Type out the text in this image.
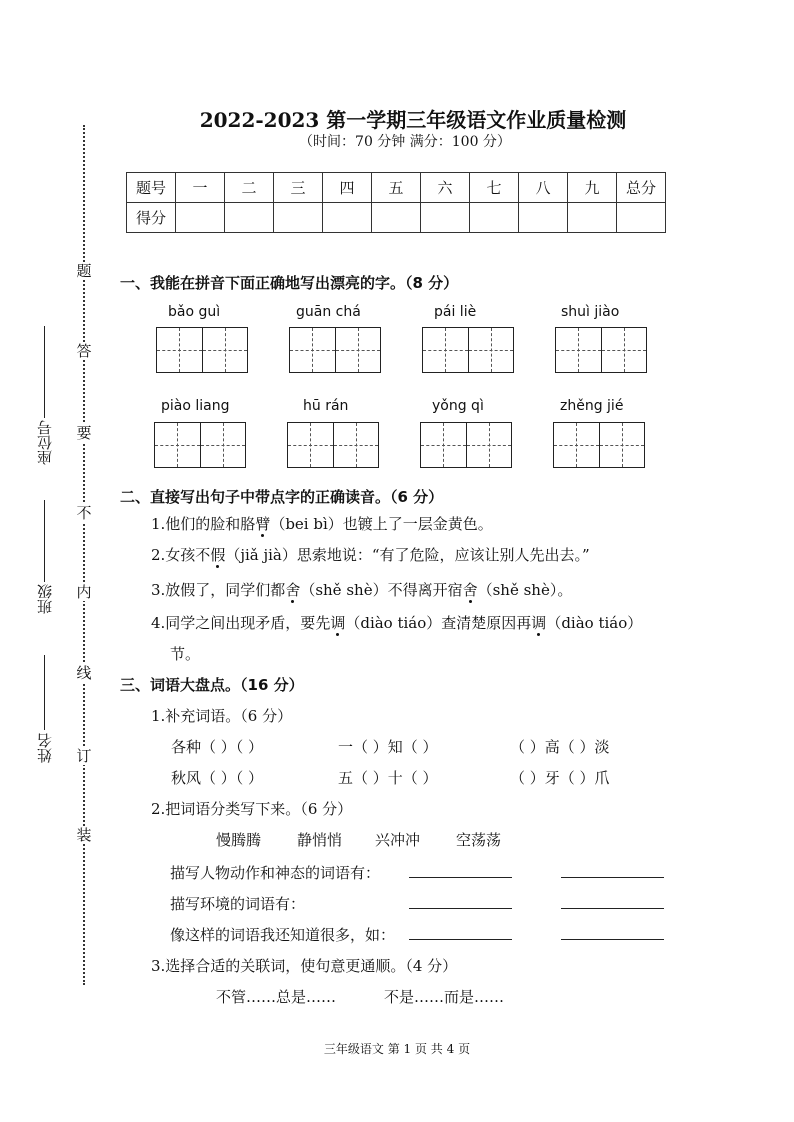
题
答
要
不
内
线
订
装
座位号
班级
姓名
2022-2023 第一学期三年级语文作业质量检测
（时间：70 分钟 满分：100 分）
题号	一	二	三	四	五	六	七	八	九	总分
得分										
一、我能在拼音下面正确地写出漂亮的字。（8 分）
bǎo guì	guān chá	pái liè	shuì jiào
piào liang	hū rán	yǒng qì	zhěng jié
二、直接写出句子中带点字的正确读音。（6 分）
1.他们的脸和胳臂（bei bì）也镀上了一层金黄色。
2.女孩不假（jiǎ jià）思索地说：“有了危险，应该让别人先出去。”
3.放假了，同学们都舍（shě shè）不得离开宿舍（shě shè）。
4.同学之间出现矛盾，要先调（diào tiáo）查清楚原因再调（diào tiáo）
节。
三、词语大盘点。（16 分）
1.补充词语。（6 分）
各种（ ）（ ）	一（ ）知（ ）	（ ）高（ ）淡
秋风（ ）（ ）	五（ ）十（ ）	（ ）牙（ ）爪
2.把词语分类写下来。（6 分）
慢腾腾 静悄悄 兴冲冲 空荡荡
描写人物动作和神态的词语有：
描写环境的词语有：
像这样的词语我还知道很多，如：
3.选择合适的关联词，使句意更通顺。（4 分）
不管……总是……	不是……而是……
三年级语文 第 1 页 共 4 页
